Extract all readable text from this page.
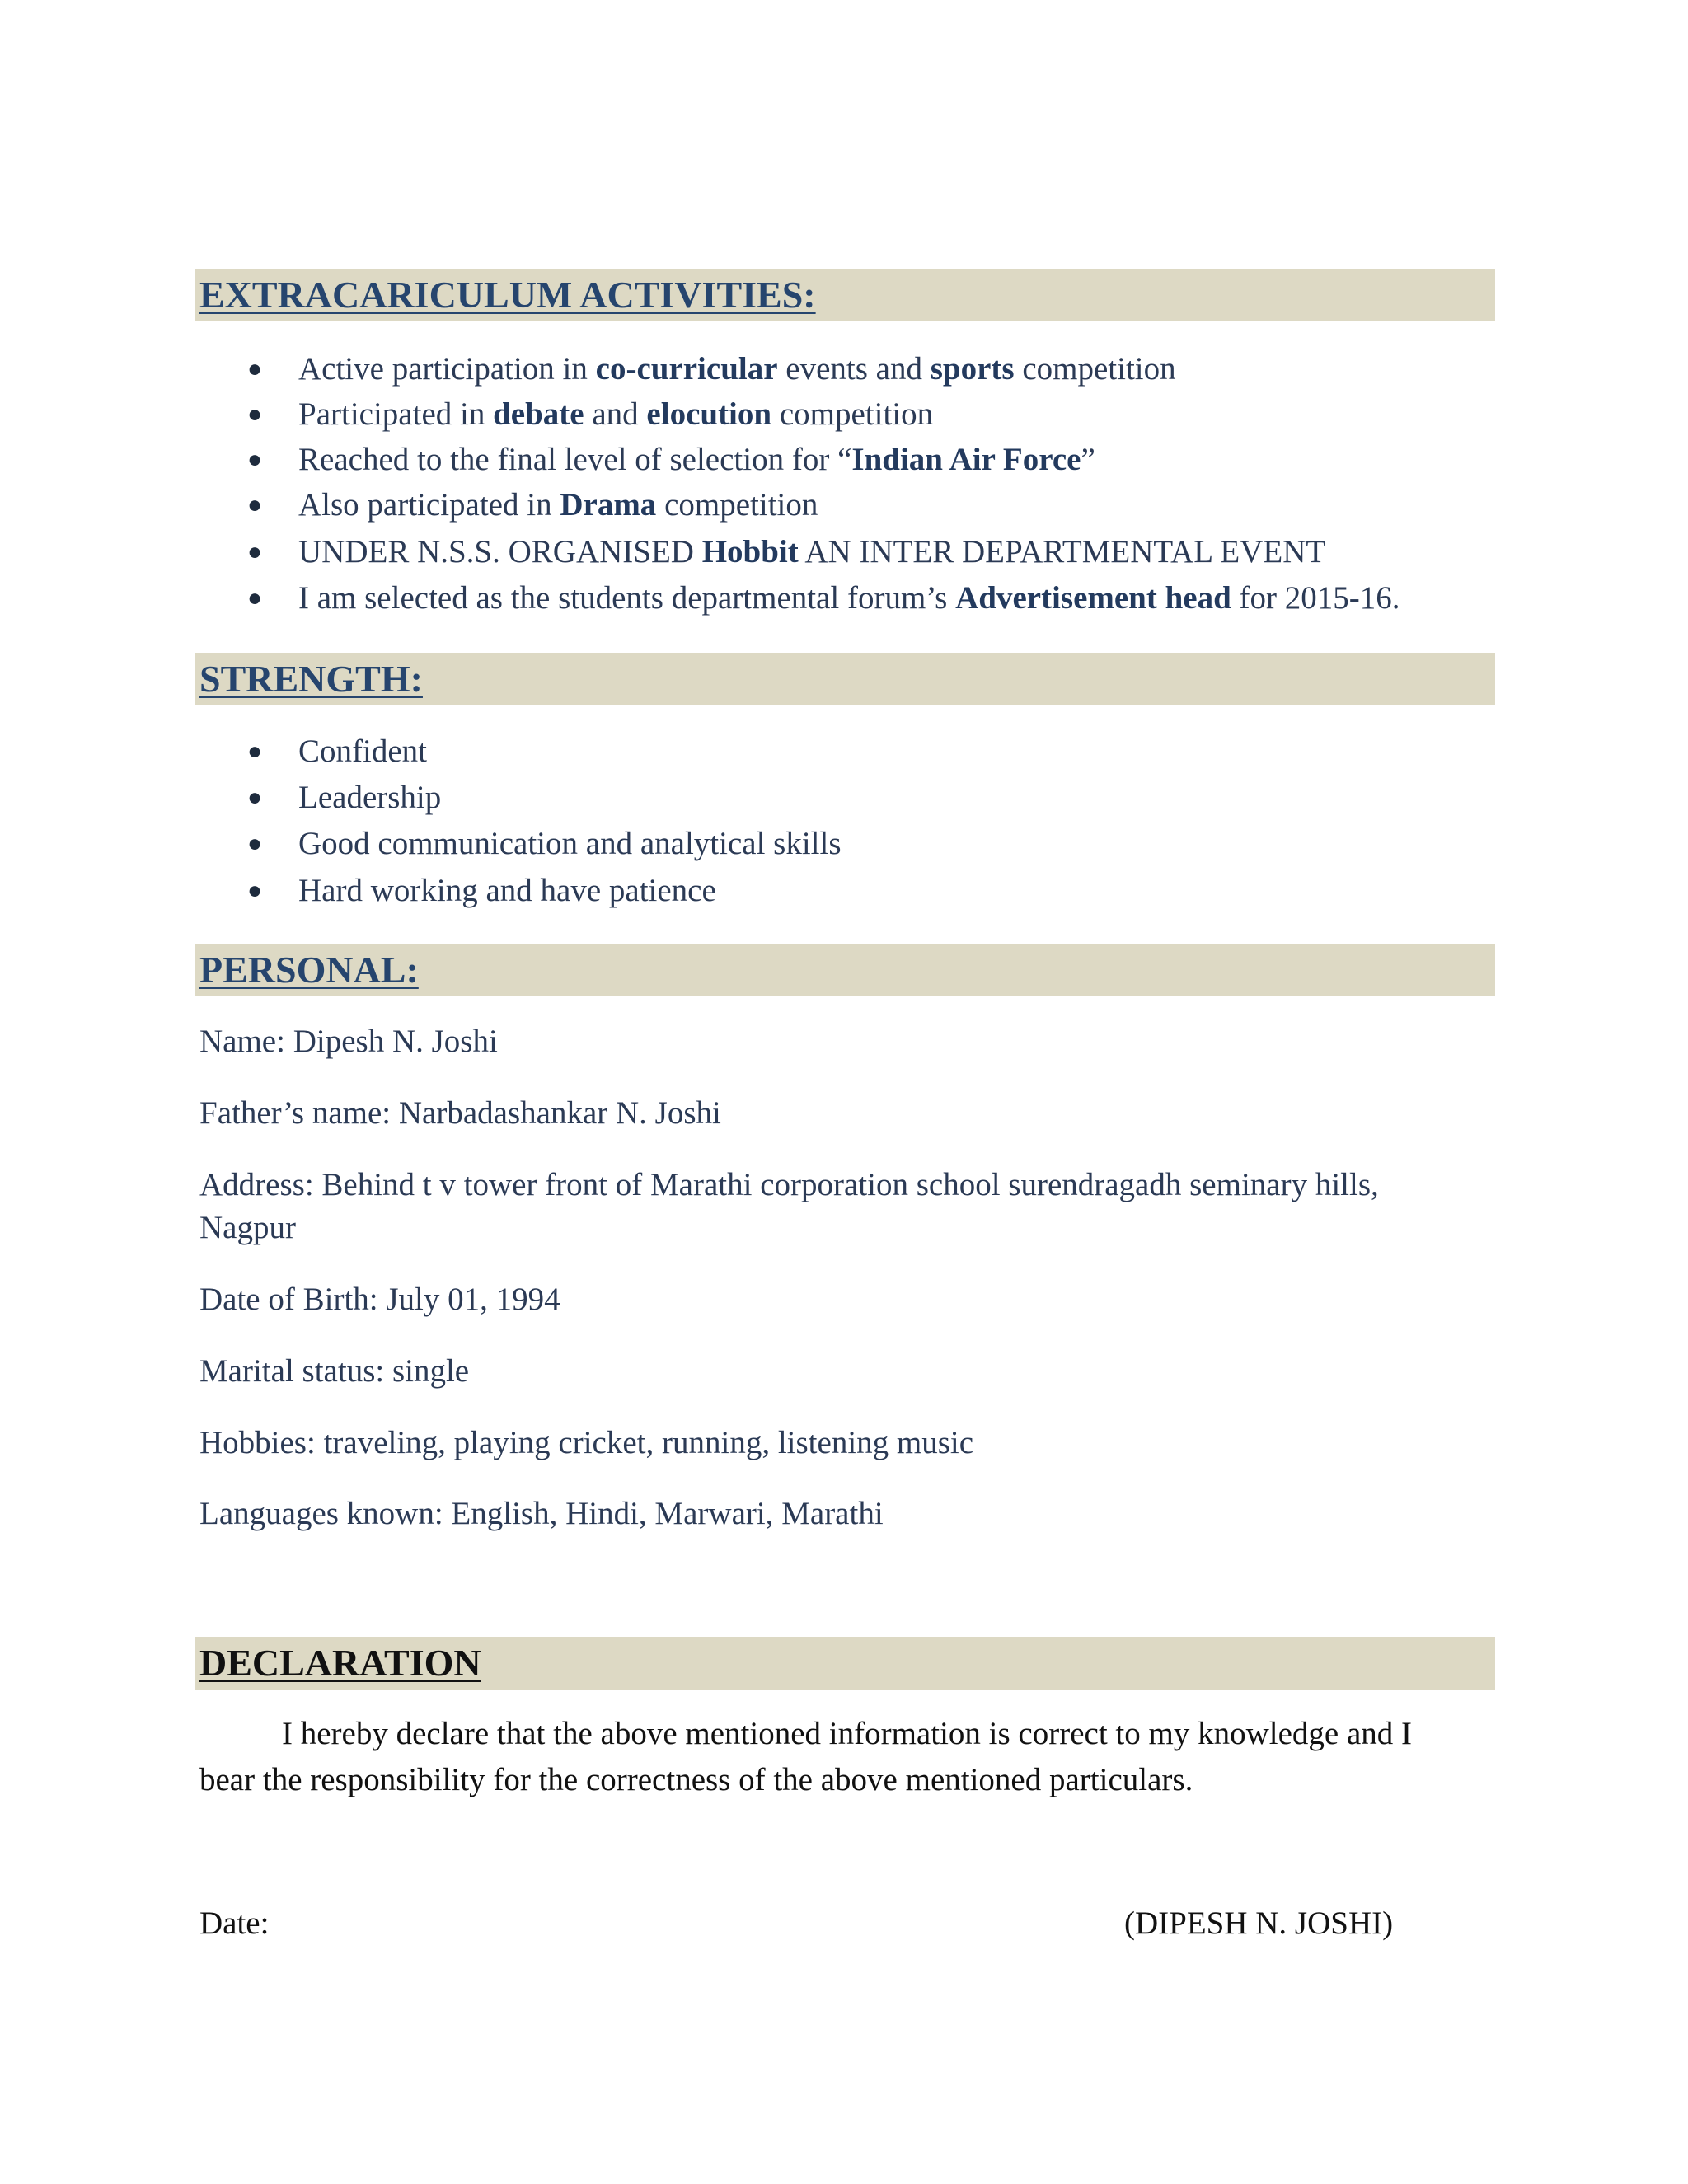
EXTRACARICULUM ACTIVITIES:
● Active participation in co-curricular events and sports competition
● Participated in debate and elocution competition
● Reached to the final level of selection for “Indian Air Force”
● Also participated in Drama competition
● UNDER N.S.S. ORGANISED Hobbit AN INTER DEPARTMENTAL EVENT
● I am selected as the students departmental forum’s Advertisement head for 2015-16.
STRENGTH:
● Confident
● Leadership
● Good communication and analytical skills
● Hard working and have patience
PERSONAL:
Name: Dipesh N. Joshi
Father’s name: Narbadashankar N. Joshi
Address: Behind t v tower front of Marathi corporation school surendragadh seminary hills,
Nagpur
Date of Birth: July 01, 1994
Marital status: single
Hobbies: traveling, playing cricket, running, listening music
Languages known: English, Hindi, Marwari, Marathi
DECLARATION
I hereby declare that the above mentioned information is correct to my knowledge and I
bear the responsibility for the correctness of the above mentioned particulars.
Date:	(DIPESH N. JOSHI)
